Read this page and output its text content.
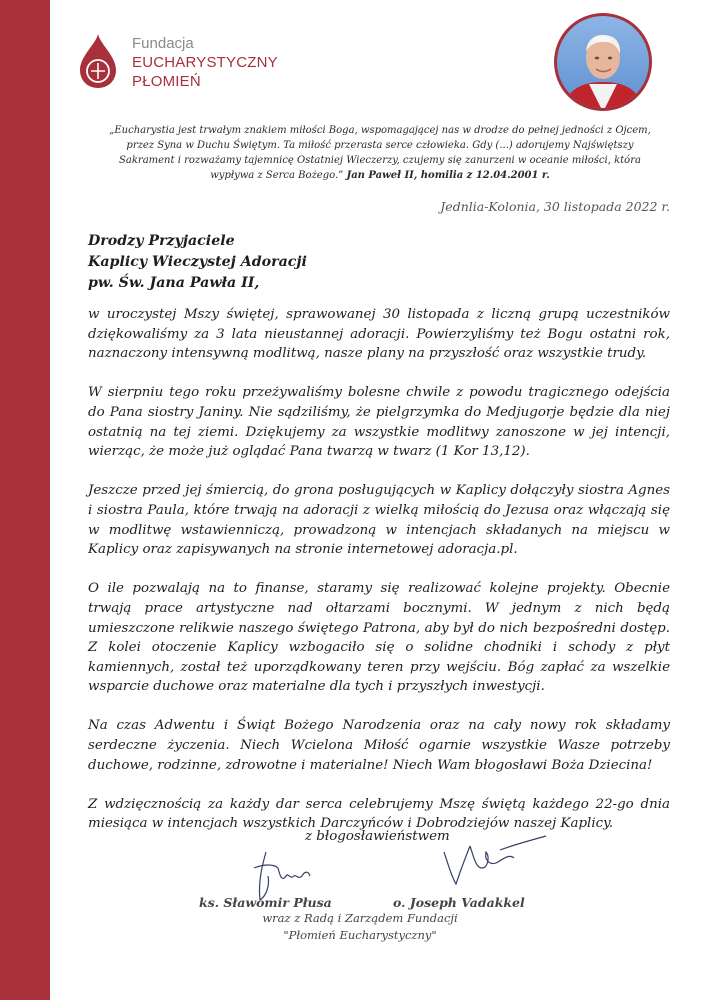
Fundacja
EUCHARYSTYCZNY
PŁOMIEŃ
„Eucharystia jest trwałym znakiem miłości Boga, wspomagającej nas w drodze do pełnej jedności z Ojcem, przez Syna w Duchu Świętym. Ta miłość przerasta serce człowieka. Gdy (...) adorujemy Najświętszy Sakrament i rozważamy tajemnicę Ostatniej Wieczerzy, czujemy się zanurzeni w oceanie miłości, która wypływa z Serca Bożego.” Jan Paweł II, homilia z 12.04.2001 r.
Jednlia-Kolonia, 30 listopada 2022 r.
Drodzy Przyjaciele
Kaplicy Wieczystej Adoracji
pw. Św. Jana Pawła II,

w uroczystej Mszy świętej, sprawowanej 30 listopada z liczną grupą uczestników dziękowaliśmy za 3 lata nieustannej adoracji. Powierzyliśmy też Bogu ostatni rok, naznaczony intensywną modlitwą, nasze plany na przyszłość oraz wszystkie trudy.

W sierpniu tego roku przeżywaliśmy bolesne chwile z powodu tragicznego odejścia do Pana siostry Janiny. Nie sądziliśmy, że pielgrzymka do Medjugorje będzie dla niej ostatnią na tej ziemi. Dziękujemy za wszystkie modlitwy zanoszone w jej intencji, wierząc, że może już oglądać Pana twarzą w twarz (1 Kor 13,12).

Jeszcze przed jej śmiercią, do grona posługujących w Kaplicy dołączyły siostra Agnes i siostra Paula, które trwają na adoracji z wielką miłością do Jezusa oraz włączają się w modlitwę wstawienniczą, prowadzoną w intencjach składanych na miejscu w Kaplicy oraz zapisywanych na stronie internetowej adoracja.pl.

O ile pozwalają na to finanse, staramy się realizować kolejne projekty. Obecnie trwają prace artystyczne nad ołtarzami bocznymi. W jednym z nich będą umieszczone relikwie naszego świętego Patrona, aby był do nich bezpośredni dostęp. Z kolei otoczenie Kaplicy wzbogaciło się o solidne chodniki i schody z płyt kamiennych, został też uporządkowany teren przy wejściu. Bóg zapłać za wszelkie wsparcie duchowe oraz materialne dla tych i przyszłych inwestycji.

Na czas Adwentu i Świąt Bożego Narodzenia oraz na cały nowy rok składamy serdeczne życzenia. Niech Wcielona Miłość ogarnie wszystkie Wasze potrzeby duchowe, rodzinne, zdrowotne i materialne! Niech Wam błogosławi Boża Dziecina!

Z wdzięcznością za każdy dar serca celebrujemy Mszę świętą każdego 22-go dnia miesiąca w intencjach wszystkich Darczyńców i Dobrodziejów naszej Kaplicy.

z błogosławieństwem
ks. Sławomir Płusa	o. Joseph Vadakkel
wraz z Radą i Zarządem Fundacji
"Płomień Eucharystyczny"
